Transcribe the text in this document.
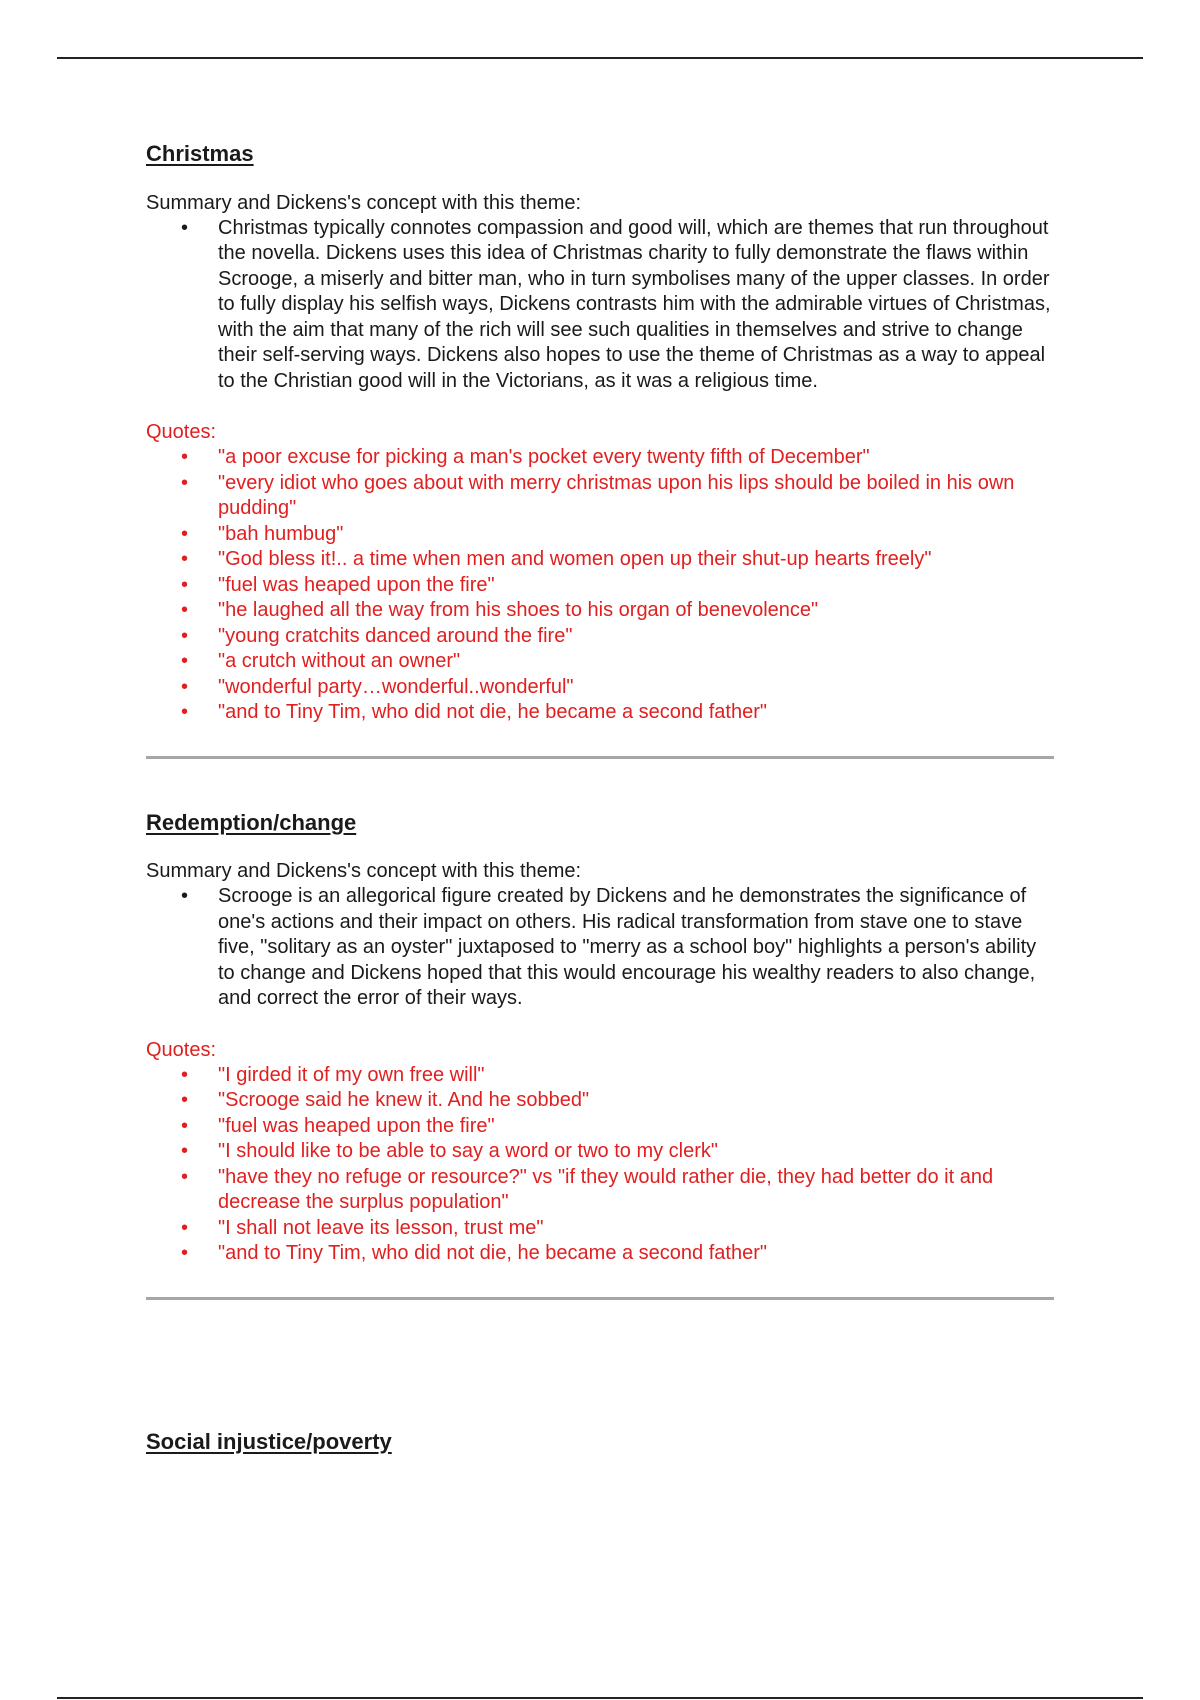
Christmas

Summary and Dickens's concept with this theme:

• Christmas typically connotes compassion and good will, which are themes that run throughout the novella. Dickens uses this idea of Christmas charity to fully demonstrate the flaws within Scrooge, a miserly and bitter man, who in turn symbolises many of the upper classes. In order to fully display his selfish ways, Dickens contrasts him with the admirable virtues of Christmas, with the aim that many of the rich will see such qualities in themselves and strive to change their self-serving ways. Dickens also hopes to use the theme of Christmas as a way to appeal to the Christian good will in the Victorians, as it was a religious time.

Quotes:

• "a poor excuse for picking a man's pocket every twenty fifth of December"
• "every idiot who goes about with merry christmas upon his lips should be boiled in his own pudding"
• "bah humbug"
• "God bless it!.. a time when men and women open up their shut-up hearts freely"
• "fuel was heaped upon the fire"
• "he laughed all the way from his shoes to his organ of benevolence"
• "young cratchits danced around the fire"
• "a crutch without an owner"
• "wonderful party…wonderful..wonderful"
• "and to Tiny Tim, who did not die, he became a second father"
Redemption/change

Summary and Dickens's concept with this theme:

• Scrooge is an allegorical figure created by Dickens and he demonstrates the significance of one's actions and their impact on others. His radical transformation from stave one to stave five, "solitary as an oyster" juxtaposed to "merry as a school boy" highlights a person's ability to change and Dickens hoped that this would encourage his wealthy readers to also change, and correct the error of their ways.

Quotes:

• "I girded it of my own free will"
• "Scrooge said he knew it. And he sobbed"
• "fuel was heaped upon the fire"
• "I should like to be able to say a word or two to my clerk"
• "have they no refuge or resource?" vs "if they would rather die, they had better do it and decrease the surplus population"
• "I shall not leave its lesson, trust me"
• "and to Tiny Tim, who did not die, he became a second father"
Social injustice/poverty
